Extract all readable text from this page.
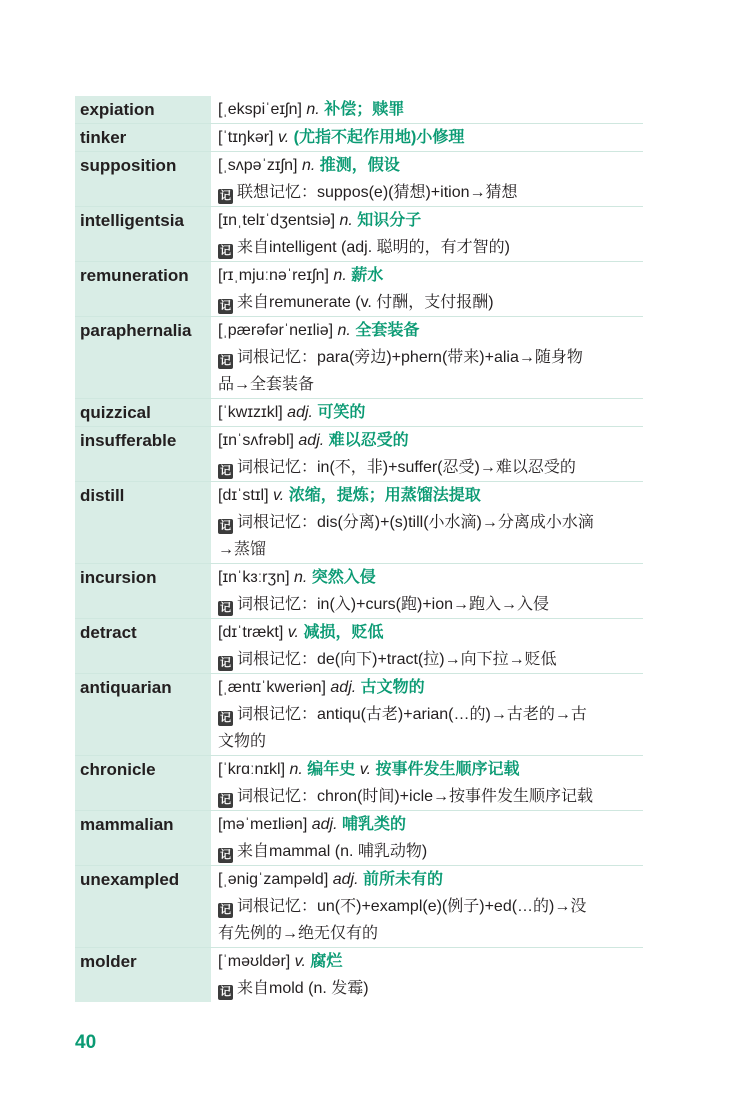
expiation	[ˌekspiˈeɪʃn] n. 补偿；赎罪

tinker	[ˈtɪŋkər] v. (尤指不起作用地)小修理

supposition	[ˌsʌpəˈzɪʃn] n. 推测，假设
记 联想记忆：suppos(e)(猜想)+ition→猜想

intelligentsia	[ɪnˌtelɪˈdʒentsiə] n. 知识分子
记 来自intelligent (adj. 聪明的，有才智的)

remuneration	[rɪˌmjuːnəˈreɪʃn] n. 薪水
记 来自remunerate (v. 付酬，支付报酬)

paraphernalia	[ˌpærəfərˈneɪliə] n. 全套装备
记 词根记忆：para(旁边)+phern(带来)+alia→随身物
品→全套装备

quizzical	[ˈkwɪzɪkl] adj. 可笑的

insufferable	[ɪnˈsʌfrəbl] adj. 难以忍受的
记 词根记忆：in(不，非)+suffer(忍受)→难以忍受的

distill	[dɪˈstɪl] v. 浓缩，提炼；用蒸馏法提取
记 词根记忆：dis(分离)+(s)till(小水滴)→分离成小水滴
→蒸馏

incursion	[ɪnˈkɜːrʒn] n. 突然入侵
记 词根记忆：in(入)+curs(跑)+ion→跑入→入侵

detract	[dɪˈtrækt] v. 减损，贬低
记 词根记忆：de(向下)+tract(拉)→向下拉→贬低

antiquarian	[ˌæntɪˈkweriən] adj. 古文物的
记 词根记忆：antiqu(古老)+arian(…的)→古老的→古
文物的

chronicle	[ˈkrɑːnɪkl] n. 编年史 v. 按事件发生顺序记载
记 词根记忆：chron(时间)+icle→按事件发生顺序记载

mammalian	[məˈmeɪliən] adj. 哺乳类的
记 来自mammal (n. 哺乳动物)

unexampled	[ˌənigˈzampəld] adj. 前所未有的
记 词根记忆：un(不)+exampl(e)(例子)+ed(…的)→没
有先例的→绝无仅有的

molder	[ˈməʊldər] v. 腐烂
记 来自mold (n. 发霉)
40
